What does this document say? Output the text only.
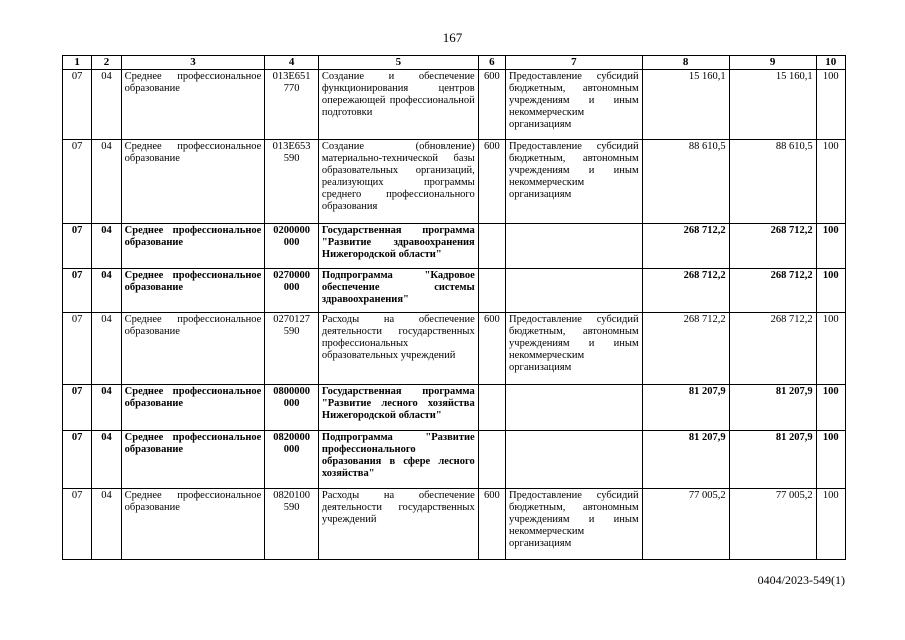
167
1	2	3	4	5	6	7	8	9	10
07	04	Среднее профессиональное образование	013E651 770	Создание и обеспечение функционирования центров опережающей профессиональной подготовки	600	Предоставление субсидий бюджетным, автономным учреждениям и иным некоммерческим организациям	15 160,1	15 160,1	100
07	04	Среднее профессиональное образование	013E653 590	Создание (обновление) материально-технической базы образовательных организаций, реализующих программы среднего профессионального образования	600	Предоставление субсидий бюджетным, автономным учреждениям и иным некоммерческим организациям	88 610,5	88 610,5	100
07	04	Среднее профессиональное образование	0200000 000	Государственная программа "Развитие здравоохранения Нижегородской области"			268 712,2	268 712,2	100
07	04	Среднее профессиональное образование	0270000 000	Подпрограмма "Кадровое обеспечение системы здравоохранения"			268 712,2	268 712,2	100
07	04	Среднее профессиональное образование	0270127 590	Расходы на обеспечение деятельности государственных профессиональных образовательных учреждений	600	Предоставление субсидий бюджетным, автономным учреждениям и иным некоммерческим организациям	268 712,2	268 712,2	100
07	04	Среднее профессиональное образование	0800000 000	Государственная программа "Развитие лесного хозяйства Нижегородской области"			81 207,9	81 207,9	100
07	04	Среднее профессиональное образование	0820000 000	Подпрограмма "Развитие профессионального образования в сфере лесного хозяйства"			81 207,9	81 207,9	100
07	04	Среднее профессиональное образование	0820100 590	Расходы на обеспечение деятельности государственных учреждений	600	Предоставление субсидий бюджетным, автономным учреждениям и иным некоммерческим организациям	77 005,2	77 005,2	100
0404/2023-549(1)
